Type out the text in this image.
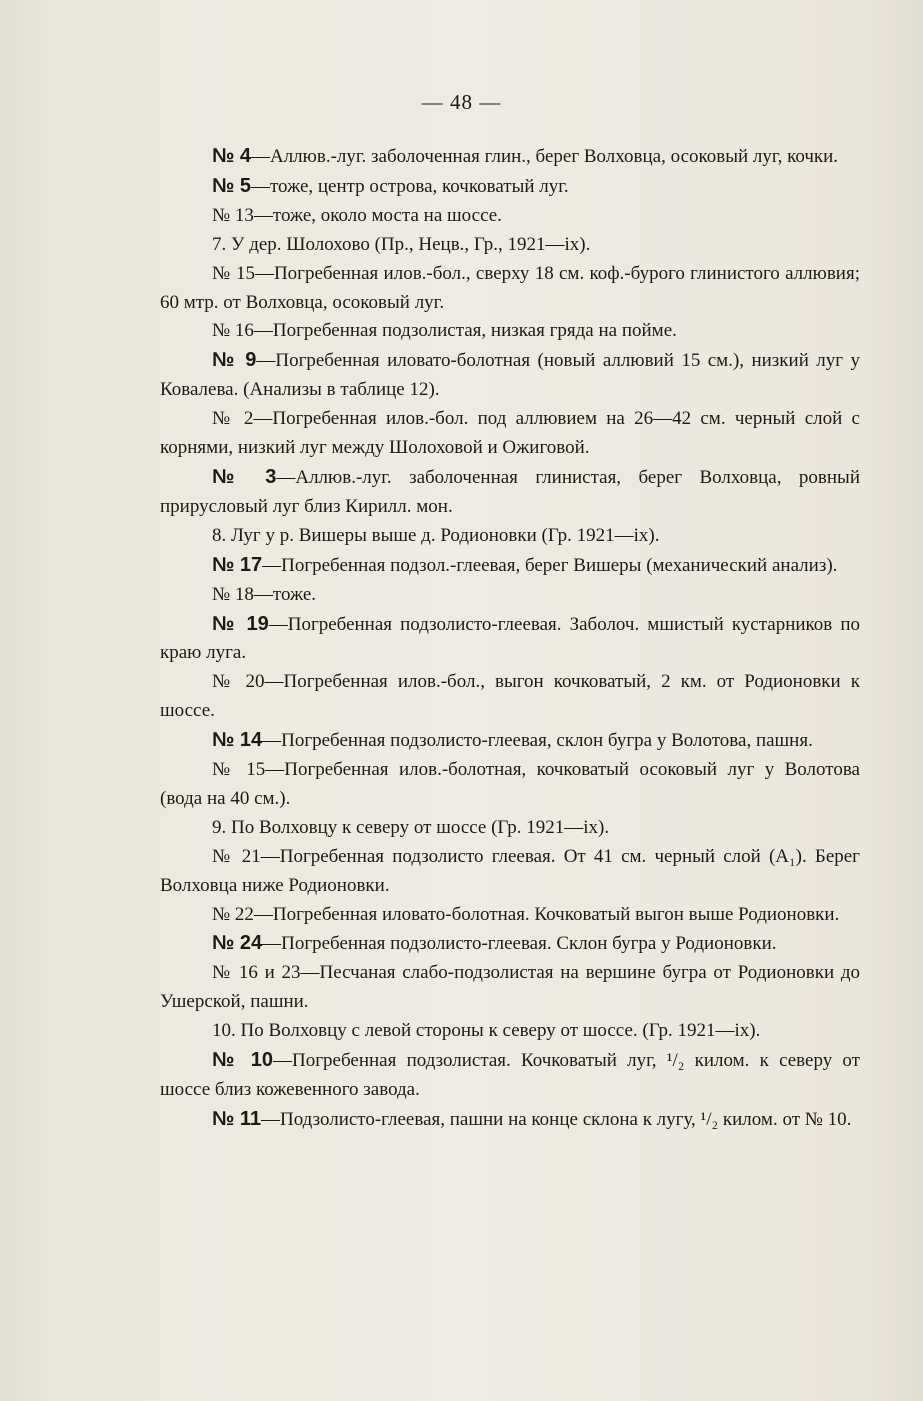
— 48 —

№ 4—Аллюв.-луг. заболоченная глин., берег Волховца, осоковый луг, кочки.

№ 5—тоже, центр острова, кочковатый луг.

№ 13—тоже, около моста на шоссе.

7. У дер. Шолохово (Пр., Нецв., Гр., 1921—ix).

№ 15—Погребенная илов.-бол., сверху 18 см. коф.-бурого глинистого аллювия; 60 мтр. от Волховца, осоковый луг.

№ 16—Погребенная подзолистая, низкая гряда на пойме.

№ 9—Погребенная иловато-болотная (новый аллювий 15 см.), низкий луг у Ковалева. (Анализы в таблице 12).

№ 2—Погребенная илов.-бол. под аллювием на 26—42 см. черный слой с корнями, низкий луг между Шолоховой и Ожиговой.

№ 3—Аллюв.-луг. заболоченная глинистая, берег Волховца, ровный прирусловый луг близ Кирилл. мон.

8. Луг у р. Вишеры выше д. Родионовки (Гр. 1921—ix).

№ 17—Погребенная подзол.-глеевая, берег Вишеры (механический анализ).

№ 18—тоже.

№ 19—Погребенная подзолисто-глеевая. Заболоч. мшистый кустарников по краю луга.

№ 20—Погребенная илов.-бол., выгон кочковатый, 2 км. от Родионовки к шоссе.

№ 14—Погребенная подзолисто-глеевая, склон бугра у Волотова, пашня.

№ 15—Погребенная илов.-болотная, кочковатый осоковый луг у Волотова (вода на 40 см.).

9. По Волховцу к северу от шоссе (Гр. 1921—ix).

№ 21—Погребенная подзолисто глеевая. От 41 см. черный слой (A₁). Берег Волховца ниже Родионовки.

№ 22—Погребенная иловато-болотная. Кочковатый выгон выше Родионовки.

№ 24—Погребенная подзолисто-глеевая. Склон бугра у Родионовки.

№ 16 и 23—Песчаная слабо-подзолистая на вершине бугра от Родионовки до Ушерской, пашни.

10. По Волховцу с левой стороны к северу от шоссе. (Гр. 1921—ix).

№ 10—Погребенная подзолистая. Кочковатый луг, ¹/₂ килом. к северу от шоссе близ кожевенного завода.

№ 11—Подзолисто-глеевая, пашни на конце склона к лугу, ¹/₂ килом. от № 10.
